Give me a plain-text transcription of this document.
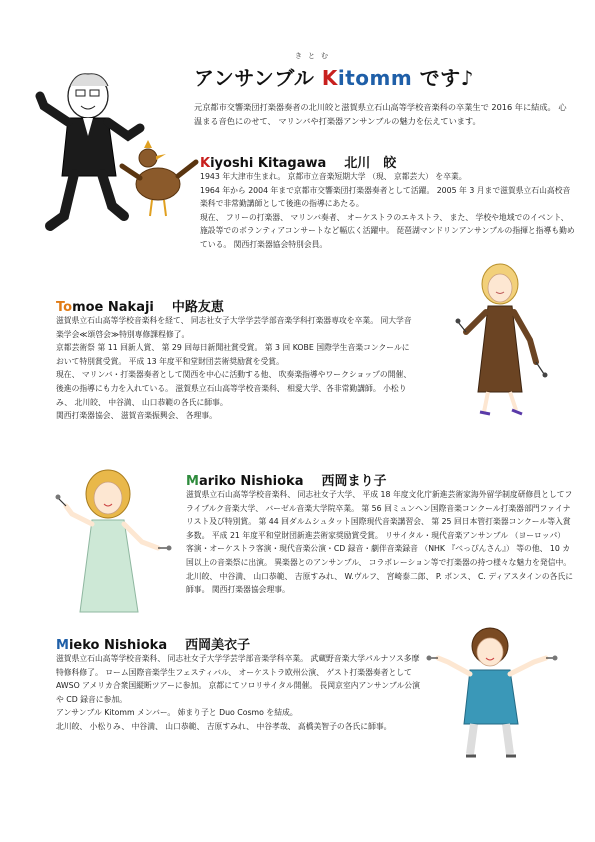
きとむ
アンサンブル Kitomm です♪
元京都市交響楽団打楽器奏者の北川皎と滋賀県立石山高等学校音楽科の卒業生で 2016 年に結成。 心温まる音色にのせて、 マリンバや打楽器アンサンブルの魅力を伝えています。
Kiyoshi Kitagawa 北川　皎
1943 年大津市生まれ。 京都市立音楽短期大学 （現、 京都芸大） を卒業。
1964 年から 2004 年まで京都市交響楽団打楽器奏者として活躍。 2005 年 3 月まで滋賀県立石山高校音楽科で非常勤講師として後進の指導にあたる。
現在、 フリーの打楽器、 マリンバ奏者、 オーケストラのエキストラ、 また、 学校や地域でのイベント、 施設等でのボランティアコンサートなど幅広く活躍中。 琵琶湖マンドリンアンサンブルの指揮と指導も勤めている。 関西打楽器協会特別会員。
Tomoe Nakaji 中路友恵
滋賀県立石山高等学校音楽科を経て、 同志社女子大学学芸学部音楽学科打楽器専攻を卒業。 同大学音楽学会≪頌啓会≫特別専修課程修了。
京都芸術祭 第 11 回新人賞、 第 29 回毎日新聞社賞受賞。 第 3 回 KOBE 国際学生音楽コンクールにおいて特別賞受賞。 平成 13 年度平和堂財団芸術奨励賞を受賞。
現在、 マリンバ・打楽器奏者として関西を中心に活動する他、 吹奏楽指導やワークショップの開催、 後進の指導にも力を入れている。 滋賀県立石山高等学校音楽科、 相愛大学、各非常勤講師。 小松りみ、 北川皎、 中谷満、 山口恭範の各氏に師事。
関西打楽器協会、 滋賀音楽振興会、 各理事。
Mariko Nishioka 西岡まり子
滋賀県立石山高等学校音楽科、 同志社女子大学、 平成 18 年度文化庁新進芸術家海外留学制度研修員としてフライブルク音楽大学、 バーゼル音楽大学院卒業。 第 56 回ミュンヘン国際音楽コンクール打楽器部門ファイナリスト及び特別賞。 第 44 回ダルムシュタット国際現代音楽講習会、 第 25 回日本管打楽器コンクール等入賞多数。 平成 21 年度平和堂財団新進芸術家奨励賞受賞。 リサイタル・現代音楽アンサンブル （ヨーロッパ） 客演・オーケストラ客演・現代音楽公演・CD 録音・劇伴音楽録音 （NHK 『べっぴんさん』） 等の他、 10 カ国以上の音楽祭に出演。 異楽器とのアンサンブル、 コラボレーション等で打楽器の持つ様々な魅力を発信中。 北川皎、 中谷満、 山口恭範、 吉原すみれ、 W.ヴルフ、 宮崎泰二郎、 P. ボンス、 C. ディアスタインの各氏に師事。 関西打楽器協会理事。
Mieko Nishioka 西岡美衣子
滋賀県立石山高等学校音楽科、 同志社女子大学学芸学部音楽学科卒業。 武蔵野音楽大学パルナソス多摩特修科修了。 ローム国際音楽学生フェスティバル、 オーケストラ欧州公演、 ゲスト打楽器奏者として AWSO アメリカ合衆国縦断ツアーに参加。 京都にてソロリサイタル開催。 長岡京室内アンサンブル公演や CD 録音に参加。
アンサンブル Kitomm メンバー。 姉まり子と Duo Cosmo を結成。
北川皎、 小松りみ、 中谷満、 山口恭範、 吉原すみれ、 中谷孝哉、 高橋美智子の各氏に師事。
